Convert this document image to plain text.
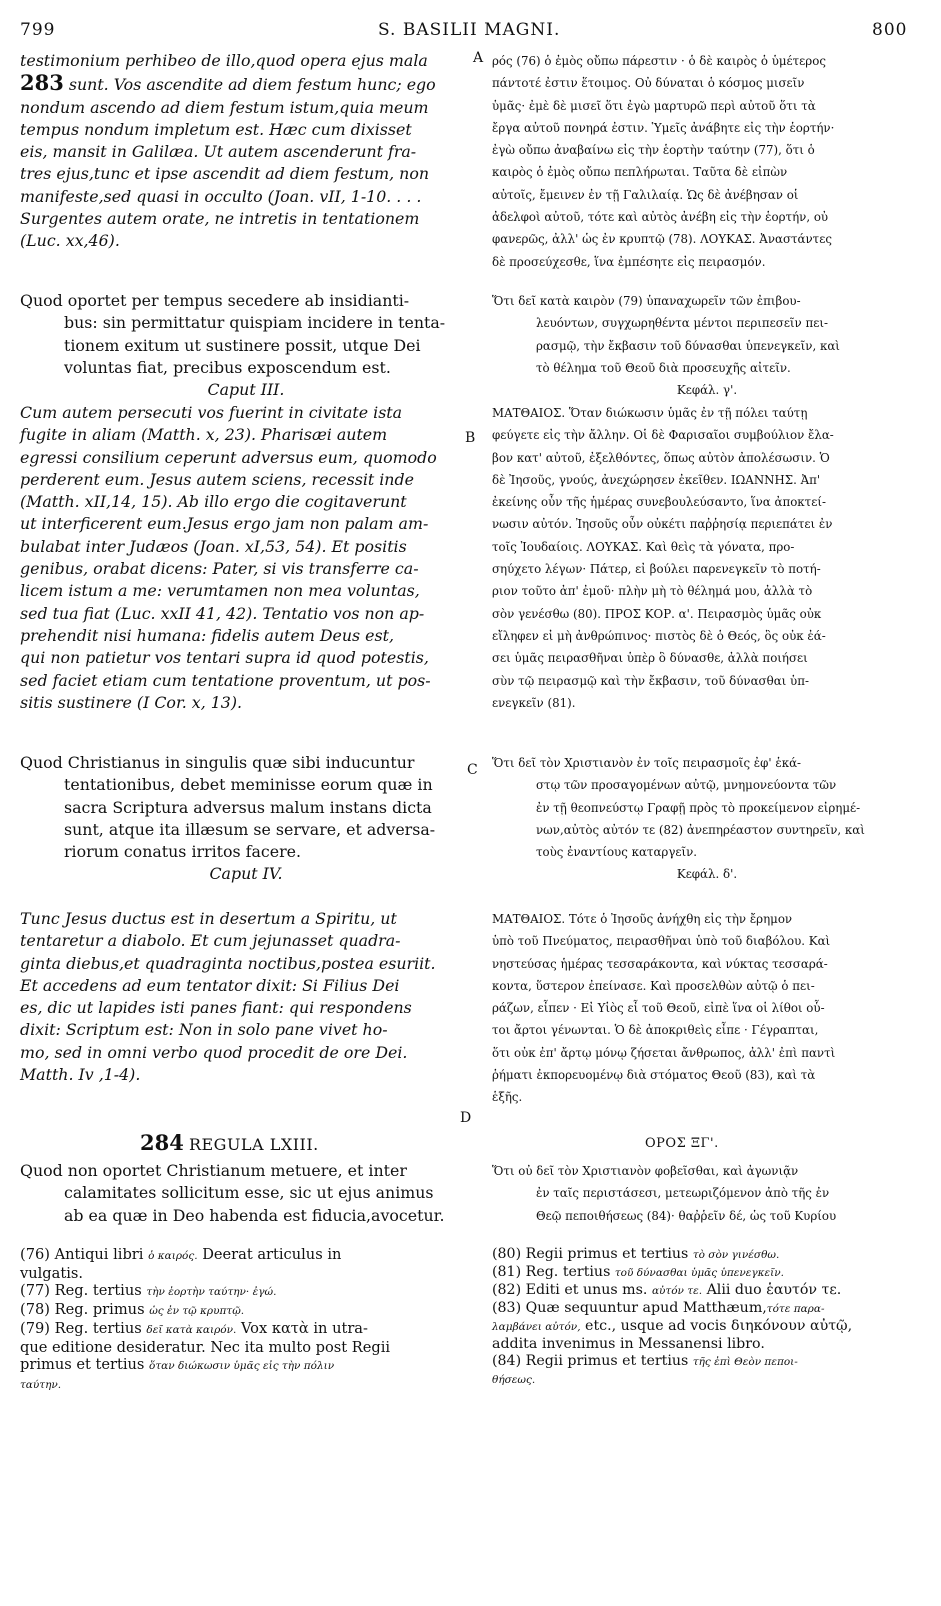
799	S. BASILII MAGNI.	800
A
B
C
D
testimonium perhibeo de illo,quod opera ejus mala
283 sunt. Vos ascendite ad diem festum hunc; ego
nondum ascendo ad diem festum istum,quia meum
tempus nondum impletum est. Hæc cum dixisset
eis, mansit in Galilæa. Ut autem ascenderunt fra-
tres ejus,tunc et ipse ascendit ad diem festum, non
manifeste,sed quasi in occulto (Joan. vII, 1-10. . . .
Surgentes autem orate, ne intretis in tentationem
(Luc. xx,46).
ρός (76) ὁ ἐμὸς οὔπω πάρεστιν · ὁ δὲ καιρὸς ὁ ὑμέτερος
πάντοτέ ἐστιν ἕτοιμος. Οὐ δύναται ὁ κόσμος μισεῖν
ὑμᾶς· ἐμὲ δὲ μισεῖ ὅτι ἐγὼ μαρτυρῶ περὶ αὐτοῦ ὅτι τὰ
ἔργα αὐτοῦ πονηρά ἐστιν. Ὑμεῖς ἀνάβητε εἰς τὴν ἑορτήν·
ἐγὼ οὔπω ἀναβαίνω εἰς τὴν ἑορτὴν ταύτην (77), ὅτι ὁ
καιρὸς ὁ ἐμὸς οὔπω πεπλήρωται. Ταῦτα δὲ εἰπὼν
αὐτοῖς, ἔμεινεν ἐν τῇ Γαλιλαίᾳ. Ὡς δὲ ἀνέβησαν οἱ
ἀδελφοὶ αὐτοῦ, τότε καὶ αὐτὸς ἀνέβη εἰς τὴν ἑορτήν, οὐ
φανερῶς, ἀλλ' ὡς ἐν κρυπτῷ (78). ΛΟΥΚΑΣ. Ἀναστάντες
δὲ προσεύχεσθε, ἵνα ἐμπέσητε εἰς πειρασμόν.
Quod oportet per tempus secedere ab insidianti-
bus: sin permittatur quispiam incidere in tenta-
tionem exitum ut sustinere possit, utque Dei
voluntas fiat, precibus exposcendum est.
Caput III.
Ὅτι δεῖ κατὰ καιρὸν (79) ὑπαναχωρεῖν τῶν ἐπιβου-
λευόντων, συγχωρηθέντα μέντοι περιπεσεῖν πει-
ρασμῷ, τὴν ἔκβασιν τοῦ δύνασθαι ὑπενεγκεῖν, καὶ
τὸ θέλημα τοῦ Θεοῦ διὰ προσευχῆς αἰτεῖν.
Κεφάλ. γ'.
Cum autem persecuti vos fuerint in civitate ista
fugite in aliam (Matth. x, 23). Pharisæi autem
egressi consilium ceperunt adversus eum, quomodo
perderent eum. Jesus autem sciens, recessit inde
(Matth. xII,14, 15). Ab illo ergo die cogitaverunt
ut interficerent eum.Jesus ergo jam non palam am-
bulabat inter Judæos (Joan. xI,53, 54). Et positis
genibus, orabat dicens: Pater, si vis transferre ca-
licem istum a me: verumtamen non mea voluntas,
sed tua fiat (Luc. xxII 41, 42). Tentatio vos non ap-
prehendit nisi humana: fidelis autem Deus est,
qui non patietur vos tentari supra id quod potestis,
sed faciet etiam cum tentatione proventum, ut pos-
sitis sustinere (I Cor. x, 13).
ΜΑΤΘΑΙΟΣ. Ὅταν διώκωσιν ὑμᾶς ἐν τῇ πόλει ταύτῃ
φεύγετε εἰς τὴν ἄλλην. Οἱ δὲ Φαρισαῖοι συμβούλιον ἔλα-
βον κατ' αὐτοῦ, ἐξελθόντες, ὅπως αὐτὸν ἀπολέσωσιν. Ὁ
δὲ Ἰησοῦς, γνούς, ἀνεχώρησεν ἐκεῖθεν. ΙΩΑΝΝΗΣ. Ἀπ'
ἐκείνης οὖν τῆς ἡμέρας συνεβουλεύσαντο, ἵνα ἀποκτεί-
νωσιν αὐτόν. Ἰησοῦς οὖν οὐκέτι παῤῥησίᾳ περιεπάτει ἐν
τοῖς Ἰουδαίοις. ΛΟΥΚΑΣ. Καὶ θεὶς τὰ γόνατα, προ-
σηύχετο λέγων· Πάτερ, εἰ βούλει παρενεγκεῖν τὸ ποτή-
ριον τοῦτο ἀπ' ἐμοῦ· πλὴν μὴ τὸ θέλημά μου, ἀλλὰ τὸ
σὸν γενέσθω (80). ΠΡΟΣ ΚΟΡ. α'. Πειρασμὸς ὑμᾶς οὐκ
εἴληφεν εἰ μὴ ἀνθρώπινος· πιστὸς δὲ ὁ Θεός, ὃς οὐκ ἐά-
σει ὑμᾶς πειρασθῆναι ὑπὲρ ὃ δύνασθε, ἀλλὰ ποιήσει
σὺν τῷ πειρασμῷ καὶ τὴν ἔκβασιν, τοῦ δύνασθαι ὑπ-
ενεγκεῖν (81).
Quod Christianus in singulis quæ sibi inducuntur
tentationibus, debet meminisse eorum quæ in
sacra Scriptura adversus malum instans dicta
sunt, atque ita illæsum se servare, et adversa-
riorum conatus irritos facere.
Caput IV.
Ὅτι δεῖ τὸν Χριστιανὸν ἐν τοῖς πειρασμοῖς ἐφ' ἑκά-
στῳ τῶν προσαγομένων αὐτῷ, μνημονεύοντα τῶν
ἐν τῇ θεοπνεύστῳ Γραφῇ πρὸς τὸ προκείμενον εἰρημέ-
νων,αὐτὸς αὐτόν τε (82) ἀνεπηρέαστον συντηρεῖν, καὶ
τοὺς ἐναντίους καταργεῖν.
Κεφάλ. δ'.
Tunc Jesus ductus est in desertum a Spiritu, ut
tentaretur a diabolo. Et cum jejunasset quadra-
ginta diebus,et quadraginta noctibus,postea esuriit.
Et accedens ad eum tentator dixit: Si Filius Dei
es, dic ut lapides isti panes fiant: qui respondens
dixit: Scriptum est: Non in solo pane vivet ho-
mo, sed in omni verbo quod procedit de ore Dei.
Matth. Iv ,1-4).
ΜΑΤΘΑΙΟΣ. Τότε ὁ Ἰησοῦς ἀνήχθη εἰς τὴν ἔρημον
ὑπὸ τοῦ Πνεύματος, πειρασθῆναι ὑπὸ τοῦ διαβόλου. Καὶ
νηστεύσας ἡμέρας τεσσαράκοντα, καὶ νύκτας τεσσαρά-
κοντα, ὕστερον ἐπείνασε. Καὶ προσελθὼν αὐτῷ ὁ πει-
ράζων, εἶπεν · Εἰ Υἱὸς εἶ τοῦ Θεοῦ, εἰπὲ ἵνα οἱ λίθοι οὗ-
τοι ἄρτοι γένωνται. Ὁ δὲ ἀποκριθεὶς εἶπε · Γέγραπται,
ὅτι οὐκ ἐπ' ἄρτῳ μόνῳ ζήσεται ἄνθρωπος, ἀλλ' ἐπὶ παντὶ
ῥήματι ἐκπορευομένῳ διὰ στόματος Θεοῦ (83), καὶ τὰ
ἑξῆς.
284 REGULA LXIII.	ΟΡΟΣ ΞΓ'.
Quod non oportet Christianum metuere, et inter
calamitates sollicitum esse, sic ut ejus animus
ab ea quæ in Deo habenda est fiducia,avocetur.
Ὅτι οὐ δεῖ τὸν Χριστιανὸν φοβεῖσθαι, καὶ ἀγωνιᾷν
ἐν ταῖς περιστάσεσι, μετεωριζόμενον ἀπὸ τῆς ἐν
Θεῷ πεποιθήσεως (84)· θαῤῥεῖν δέ, ὡς τοῦ Κυρίου
(76) Antiqui libri ὁ καιρός. Deerat articulus in
vulgatis.
(77) Reg. tertius τὴν ἑορτὴν ταύτην· ἐγώ.
(78) Reg. primus ὡς ἐν τῷ κρυπτῷ.
(79) Reg. tertius δεῖ κατὰ καιρόν. Vox κατὰ in utra-
que editione desideratur. Nec ita multo post Regii
primus et tertius ὅταν διώκωσιν ὑμᾶς εἰς τὴν πόλιν
ταύτην.
(80) Regii primus et tertius τὸ σὸν γινέσθω.
(81) Reg. tertius τοῦ δύνασθαι ὑμᾶς ὑπενεγκεῖν.
(82) Editi et unus ms. αὐτόν τε. Alii duo ἑαυτόν τε.
(83) Quæ sequuntur apud Matthæum,τότε παρα-
λαμβάνει αὐτόν, etc., usque ad vocis διηκόνουν αὐτῷ,
addita invenimus in Messanensi libro.
(84) Regii primus et tertius τῆς ἐπὶ Θεὸν πεποι-
θήσεως.
